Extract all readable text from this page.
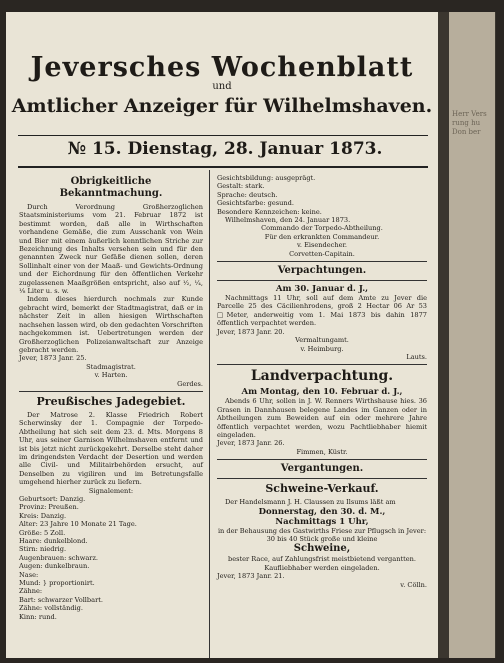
Herr Vers rung hu Don ber
Jeversches Wochenblatt
und
Amtlicher Anzeiger für Wilhelmshaven.
№ 15. Dienstag, 28. Januar 1873.
Obrigkeitliche Bekanntmachung.

Durch Verordnung Großherzoglichen Staatsministeriums vom 21. Februar 1872 ist bestimmt worden, daß alle in Wirthschaften vorhandene Gemäße, die zum Ausschank von Wein und Bier mit einem äußerlich kenntlichen Striche zur Bezeichnung des Inhalts versehen sein und für den genannten Zweck nur Gefäße dienen sollen, deren Sollinhalt einer von der Maaß- und Gewichts-Ordnung und der Eichordnung für den öffentlichen Verkehr zugelassenen Maaßgrößen entspricht, also auf ¹⁄₂, ¹⁄₄, ¹⁄₈ Liter u. s. w.

Indem dieses hierdurch nochmals zur Kunde gebracht wird, bemerkt der Stadtmagistrat, daß er in nächster Zeit in allen hiesigen Wirthschaften nachsehen lassen wird, ob den gedachten Vorschriften nachgekommen ist. Uebertretungen werden der Großherzoglichen Polizeianwaltschaft zur Anzeige gebracht werden.

Jever, 1873 Janr. 25.

Stadmagistrat.

v. Harten.

Gerdes.

Preußisches Jadegebiet.

Der Matrose 2. Klasse Friedrich Robert Scherwinsky der 1. Compagnie der Torpedo-Abtheilung hat sich seit dem 23. d. Mts. Morgens 8 Uhr, aus seiner Garnison Wilhelmshaven entfernt und ist bis jetzt nicht zurückgekehrt. Derselbe steht daher im dringendsten Verdacht der Desertion und werden alle Civil- und Militairbehörden ersucht, auf Denselben zu vigiliren und im Betretungsfalle umgehend hierher zurück zu liefern.

Signalement:

Geburtsort: Danzig.

Provinz: Preußen.

Kreis: Danzig.

Alter: 23 Jahre 10 Monate 21 Tage.

Größe: 5 Zoll.

Haare: dunkelblond.

Stirn: niedrig.

Augenbrauen: schwarz.

Augen: dunkelbraun.

Nase:

Mund: } proportionirt.

Zähne:

Bart: schwarzer Vollbart.

Zähne: vollständig.

Kinn: rund.

Gesichtsbildung: ausgeprägt.

Gestalt: stark.

Sprache: deutsch.

Gesichtsfarbe: gesund.

Besondere Kennzeichen: keine.

Wilhelmshaven, den 24. Januar 1873.

Commando der Torpedo-Abtheilung.

Für den erkrankten Commandeur.

v. Eisendecher.

Corvetten-Capitain.

Verpachtungen.

Am 30. Januar d. J.,

Nachmittags 11 Uhr, soll auf dem Amte zu Jever die Parcelle 25 des Cäcilienhrodens, groß 2 Hectar 06 Ar 53 □Meter, anderweitig vom 1. Mai 1873 bis dahin 1877 öffentlich verpachtet werden.

Jever, 1873 Janr. 20.

Vermaltungamt.

v. Heimburg.

Lauts.

Landverpachtung.

Am Montag, den 10. Februar d. J.,

Abends 6 Uhr, sollen in J. W. Renners Wirthshause hies. 36 Grasen in Dannhausen belegene Landes im Ganzen oder in Abtheilungen zum Beweiden auf ein oder mehrere Jahre öffentlich verpachtet werden, wozu Pachtliebhaber hiemit eingeladen.

Jever, 1873 Janr. 26.

Fimmen, Küstr.

Vergantungen.
Schweine-Verkauf.

Der Handelsmann J. H. Claussen zu Ilsums läßt am

Donnerstag, den 30. d. M.,

Nachmittags 1 Uhr,

in der Behausung des Gastwirths Friese zur Pflugsch in Jever:

30 bis 40 Stück große und kleine

Schweine,

bester Race, auf Zahlungsfrist meistbietend vergantten. Kaufliebhaber werden eingeladen.

Jever, 1873 Janr. 21.

v. Cölln.
